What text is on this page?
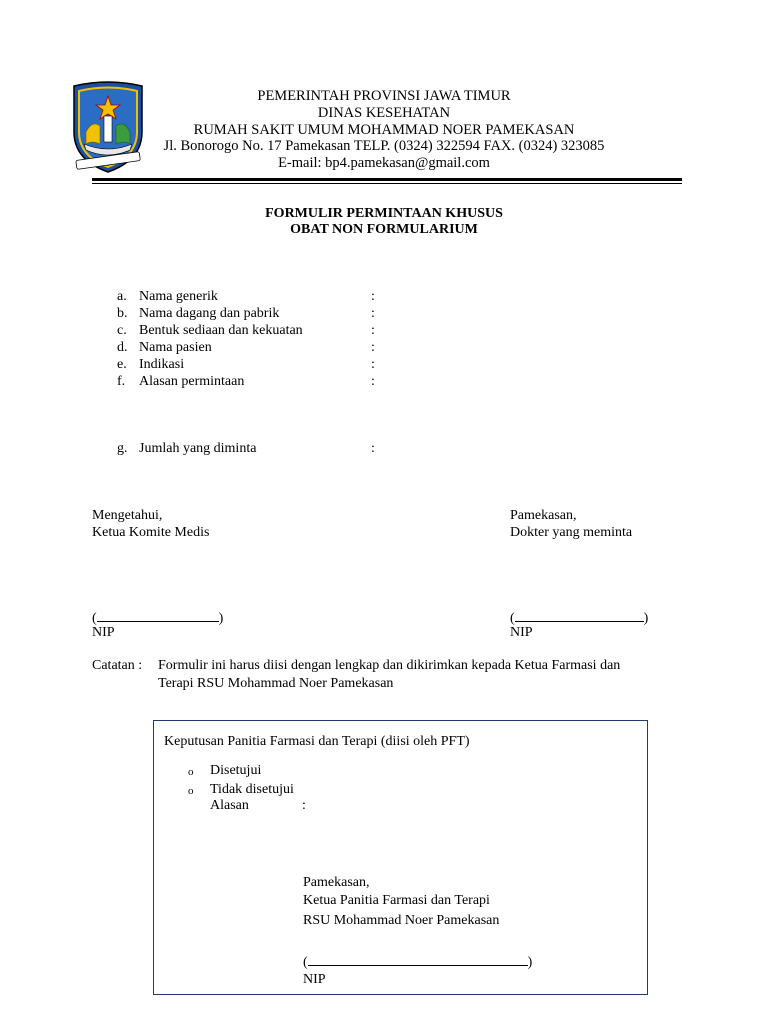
PEMERINTAH PROVINSI JAWA TIMUR
DINAS KESEHATAN
RUMAH SAKIT UMUM MOHAMMAD NOER PAMEKASAN
Jl. Bonorogo No. 17 Pamekasan TELP. (0324) 322594 FAX. (0324) 323085
E-mail: bp4.pamekasan@gmail.com
FORMULIR PERMINTAAN KHUSUS
OBAT NON FORMULARIUM
a. Nama generik	:
b. Nama dagang dan pabrik	:
c. Bentuk sediaan dan kekuatan	:
d. Nama pasien	:
e. Indikasi	:
f. Alasan permintaan	:
g. Jumlah yang diminta	:
Mengetahui,
Ketua Komite Medis
(	)
NIP
Pamekasan,
Dokter yang meminta
(	)
NIP
Catatan : Formulir ini harus diisi dengan lengkap dan dikirimkan kepada Ketua Farmasi dan
Terapi RSU Mohammad Noer Pamekasan
Keputusan Panitia Farmasi dan Terapi (diisi oleh PFT)
o Disetujui
o Tidak disetujui
Alasan	:
Pamekasan,
Ketua Panitia Farmasi dan Terapi
RSU Mohammad Noer Pamekasan
(	)
NIP
